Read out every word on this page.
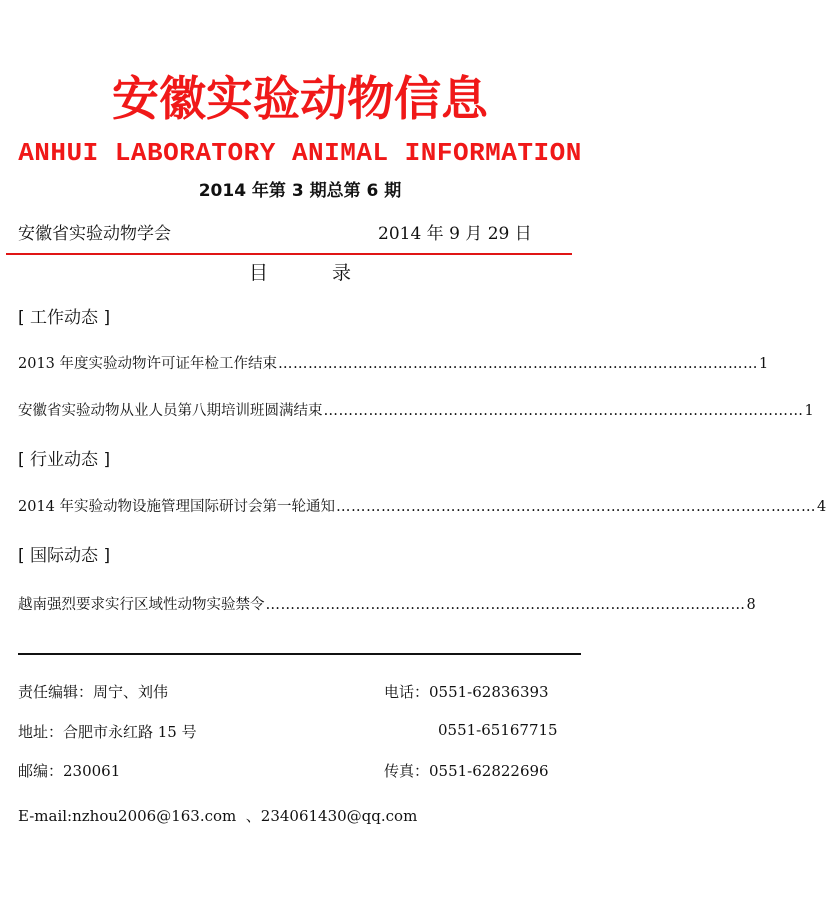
安徽实验动物信息
ANHUI LABORATORY ANIMAL INFORMATION
2014 年第 3 期总第 6 期
安徽省实验动物学会	2014 年 9 月 29 日
目录
[ 工作动态 ]
2013 年度实验动物许可证年检工作结束 …………………………………………………………………………………… 1
安徽省实验动物从业人员第八期培训班圆满结束 …………………………………………………………………………………… 1
[ 行业动态 ]
2014 年实验动物设施管理国际研讨会第一轮通知 …………………………………………………………………………………… 4
[ 国际动态 ]
越南强烈要求实行区域性动物实验禁令 …………………………………………………………………………………… 8
责任编辑：周宁、刘伟	电话：0551-62836393
地址：合肥市永红路 15 号	0551-65167715
邮编：230061	传真：0551-62822696
E-mail:nzhou2006@163.com  、234061430@qq.com
